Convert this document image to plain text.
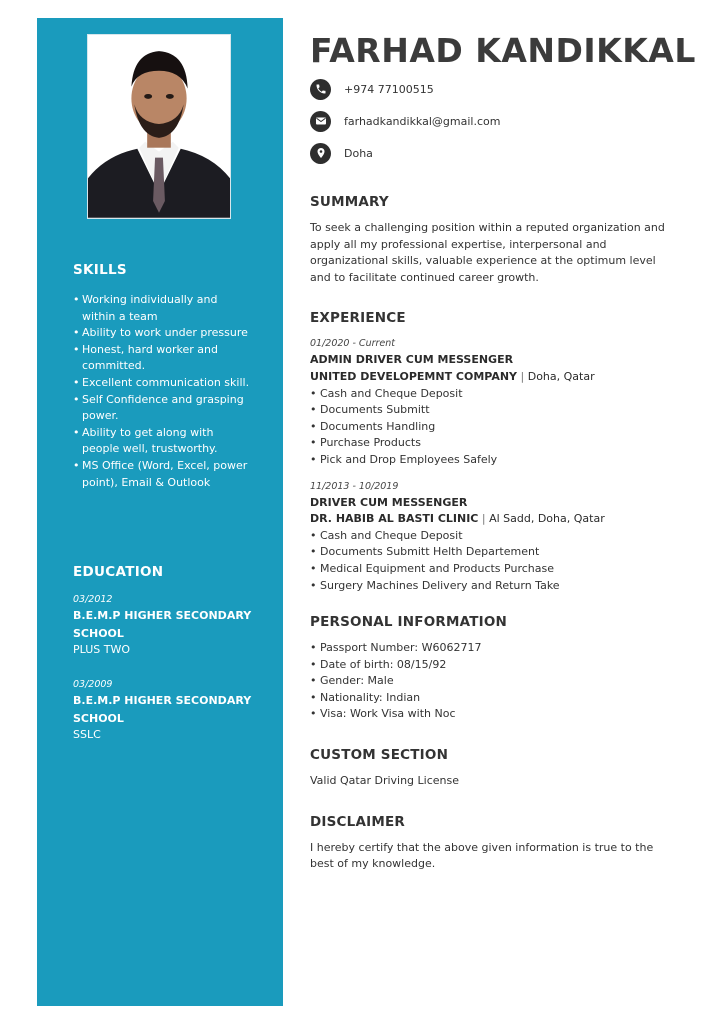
SKILLS
• Working individually and within a team
• Ability to work under pressure
• Honest, hard worker and committed.
• Excellent communication skill.
• Self Confidence and grasping power.
• Ability to get along with people well, trustworthy.
• MS Office (Word, Excel, power point), Email & Outlook
EDUCATION
03/2012
B.E.M.P HIGHER SECONDARY SCHOOL
PLUS TWO
03/2009
B.E.M.P HIGHER SECONDARY SCHOOL
SSLC
FARHAD KANDIKKAL
+974 77100515
farhadkandikkal@gmail.com
Doha
SUMMARY

To seek a challenging position within a reputed organization and apply all my professional expertise, interpersonal and organizational skills, valuable experience at the optimum level and to facilitate continued career growth.

EXPERIENCE
01/2020 - Current
ADMIN DRIVER CUM MESSENGER
UNITED DEVELOPEMNT COMPANY | Doha, Qatar
• Cash and Cheque Deposit
• Documents Submitt
• Documents Handling
• Purchase Products
• Pick and Drop Employees Safely
11/2013 - 10/2019
DRIVER CUM MESSENGER
DR. HABIB AL BASTI CLINIC | Al Sadd, Doha, Qatar
• Cash and Cheque Deposit
• Documents Submitt Helth Departement
• Medical Equipment and Products Purchase
• Surgery Machines Delivery and Return Take
PERSONAL INFORMATION
• Passport Number: W6062717
• Date of birth: 08/15/92
• Gender: Male
• Nationality: Indian
• Visa: Work Visa with Noc
CUSTOM SECTION

Valid Qatar Driving License

DISCLAIMER

I hereby certify that the above given information is true to the best of my knowledge.
